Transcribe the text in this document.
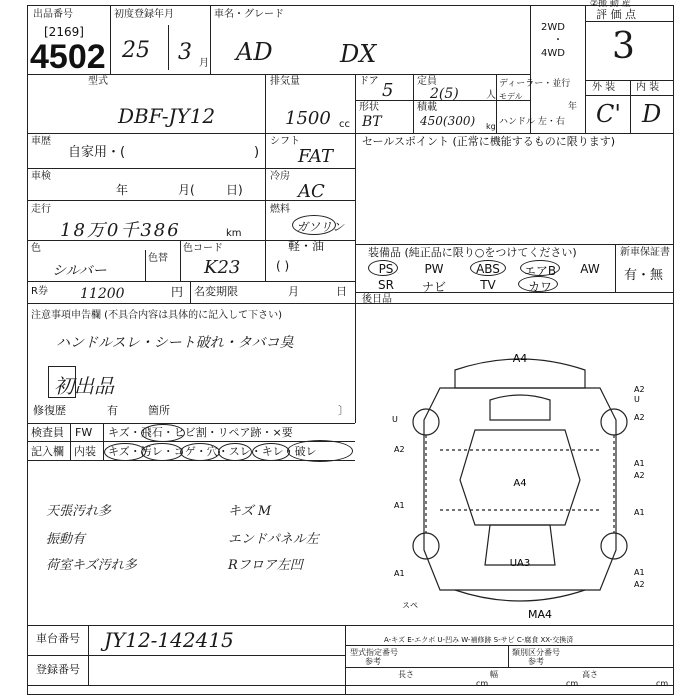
②搬 動 産
出品番号
[2169]
4502
初度登録年月
25 3 月
車名・グレード
AD	DX
2WD
・
4WD
評 価 点
3
外 装 内 装
C' D
型式
DBF-JY12
排気量
1500 cc
ドア 5 定員
2(5)	人
ディーラー・並行
モデル
年
形状
BT
積載
450(300) kg ハンドル 左・右
車歴
自家用・(	)
シフト
FAT
車検
年	月(	日)
冷房
AC
走行
18万0千386	km
燃料
ガソリン
軽・油
( )
色
シルバー
色替
色コード
K23
R券 11200	円 名変期限	月	日
セールスポイント (正常に機能するものに限ります)
装備品 (純正品に限り○をつけてください)	新車保証書
有・無
PS	PW	ABS	エアB	AW
SR	ナビ	TV	カワ
後日品
注意事項申告欄 (不具合内容は具体的に記入して下さい)
ハンドルスレ・シート破れ・タバコ臭
初出品
修復歴	有	箇所	〕
検査員 FW キズ・飛石・ヒビ割・リペア跡・×要
記入欄 内装 キズ・汚レ・コゲ・穴・スレ・キレ・破レ
天張汚れ多
振動有
荷室キズ汚れ多
キズ M
エンドパネル左
Rフロア左凹
A4
A4
UA3
MA4
スペ
A2
U
A2
A1
A2
A1
A1
A2
U
A2
A1
A1
車台番号 JY12-142415
登録番号
A-キズ E-エクボ U-凹み W-補修跡 S-サビ C-腐食 XX-交換済
型式指定番号
参考
類別区分番号
参考
長さ
cm
幅
cm
高さ
cm
